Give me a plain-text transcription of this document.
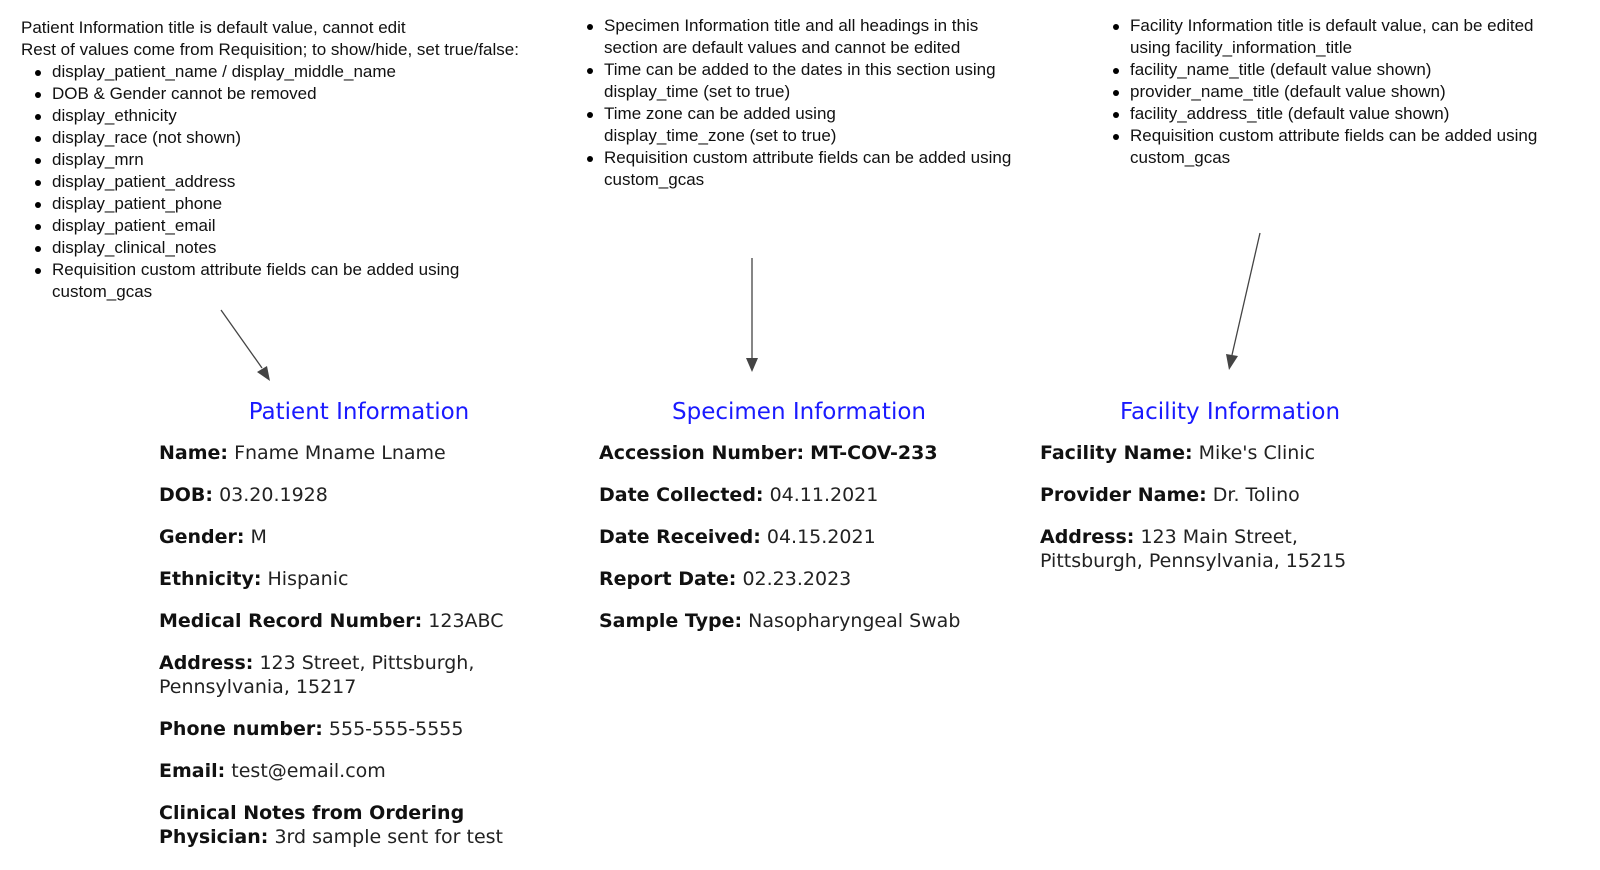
Patient Information title is default value, cannot edit

Rest of values come from Requisition; to show/hide, set true/false:

display_patient_name / display_middle_name
DOB & Gender cannot be removed
display_ethnicity
display_race (not shown)
display_mrn
display_patient_address
display_patient_phone
display_patient_email
display_clinical_notes
Requisition custom attribute fields can be added using custom_gcas
Specimen Information title and all headings in this section are default values and cannot be edited
Time can be added to the dates in this section using display_time (set to true)
Time zone can be added using display_time_zone (set to true)
Requisition custom attribute fields can be added using custom_gcas
Facility Information title is default value, can be edited using facility_information_title
facility_name_title (default value shown)
provider_name_title (default value shown)
facility_address_title (default value shown)
Requisition custom attribute fields can be added using custom_gcas
Patient Information
Name: Fname Mname Lname
DOB: 03.20.1928
Gender: M
Ethnicity: Hispanic
Medical Record Number: 123ABC
Address: 123 Street, Pittsburgh, Pennsylvania, 15217
Phone number: 555-555-5555
Email: test@email.com
Clinical Notes from Ordering Physician: 3rd sample sent for test
Specimen Information
Accession Number: MT-COV-233
Date Collected: 04.11.2021
Date Received: 04.15.2021
Report Date: 02.23.2023
Sample Type: Nasopharyngeal Swab
Facility Information
Facility Name: Mike's Clinic
Provider Name: Dr. Tolino
Address: 123 Main Street, Pittsburgh, Pennsylvania, 15215
